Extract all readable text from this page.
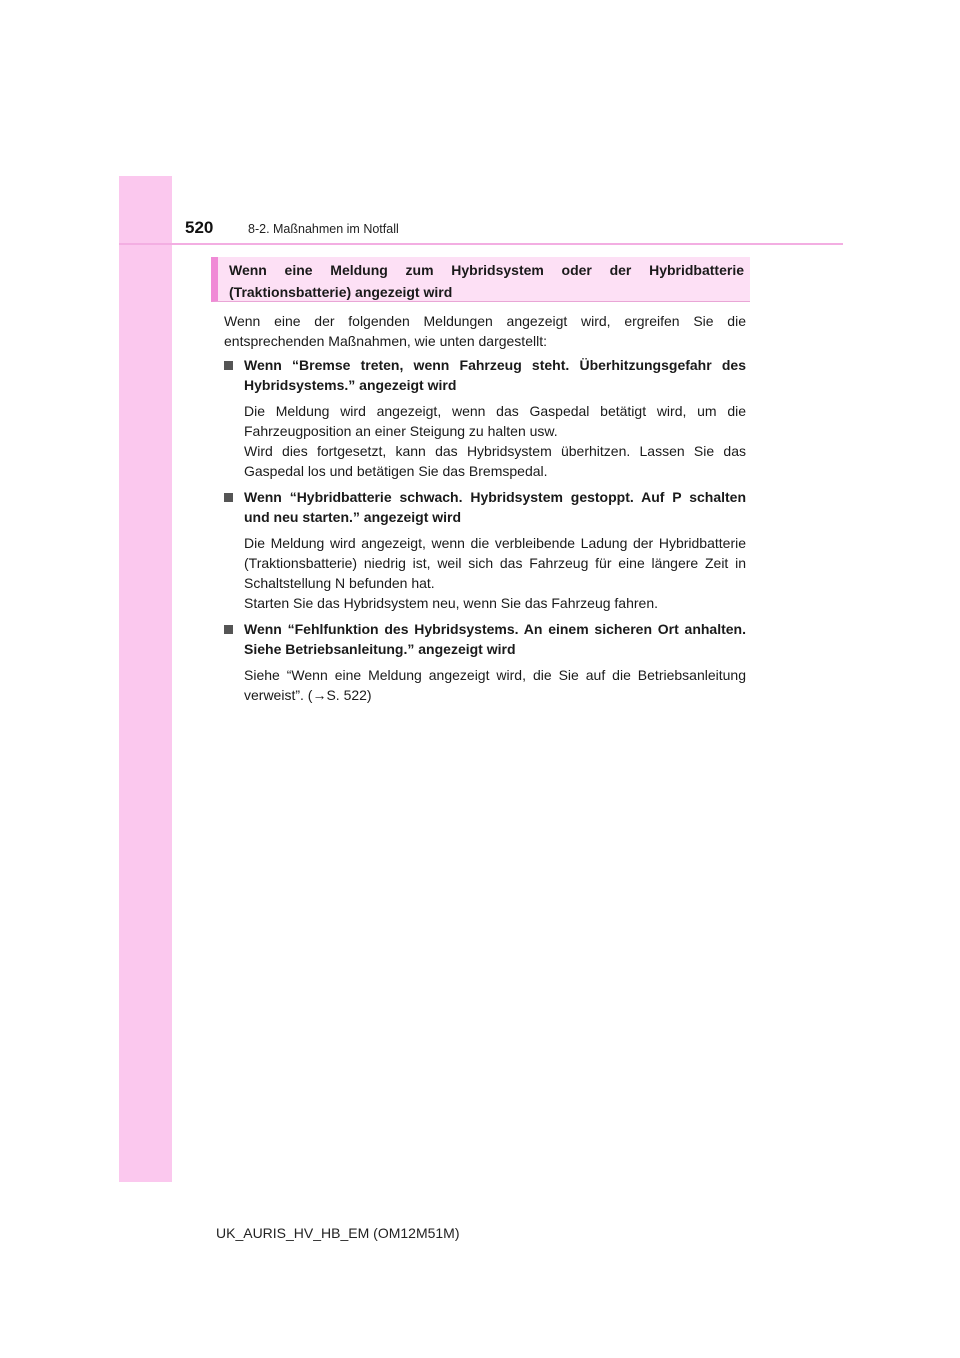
520	8-2. Maßnahmen im Notfall
Wenn eine Meldung zum Hybridsystem oder der Hybridbatterie (Traktionsbatterie) angezeigt wird

Wenn eine der folgenden Meldungen angezeigt wird, ergreifen Sie die entsprechenden Maßnahmen, wie unten dargestellt:

Wenn “Bremse treten, wenn Fahrzeug steht. Überhitzungsgefahr des Hybridsystems.” angezeigt wird

Die Meldung wird angezeigt, wenn das Gaspedal betätigt wird, um die Fahrzeugposition an einer Steigung zu halten usw.

Wird dies fortgesetzt, kann das Hybridsystem überhitzen. Lassen Sie das Gaspedal los und betätigen Sie das Bremspedal.

Wenn “Hybridbatterie schwach. Hybridsystem gestoppt. Auf P schalten und neu starten.” angezeigt wird

Die Meldung wird angezeigt, wenn die verbleibende Ladung der Hybridbatterie (Traktionsbatterie) niedrig ist, weil sich das Fahrzeug für eine längere Zeit in Schaltstellung N befunden hat.

Starten Sie das Hybridsystem neu, wenn Sie das Fahrzeug fahren.

Wenn “Fehlfunktion des Hybridsystems. An einem sicheren Ort anhalten. Siehe Betriebsanleitung.” angezeigt wird

Siehe “Wenn eine Meldung angezeigt wird, die Sie auf die Betriebsanleitung verweist”. (→S. 522)

UK_AURIS_HV_HB_EM (OM12M51M)
